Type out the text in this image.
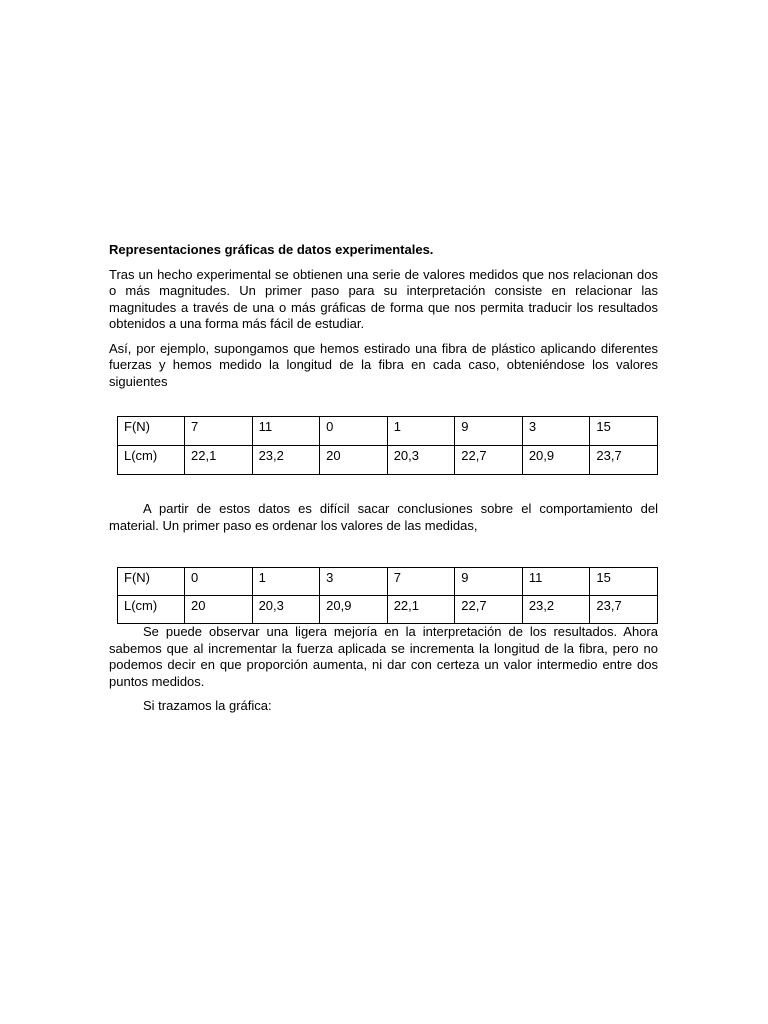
Representaciones gráficas de datos experimentales.

Tras un hecho experimental se obtienen una serie de valores medidos que nos relacionan dos o más magnitudes. Un primer paso para su interpretación consiste en relacionar las magnitudes a través de una o más gráficas de forma que nos permita traducir los resultados obtenidos a una forma más fácil de estudiar.

Así, por ejemplo, supongamos que hemos estirado una fibra de plástico aplicando diferentes fuerzas y hemos medido la longitud de la fibra en cada caso, obteniéndose los valores siguientes

F(N)	7	11	0	1	9	3	15
L(cm)	22,1	23,2	20	20,3	22,7	20,9	23,7

A partir de estos datos es difícil sacar conclusiones sobre el comportamiento del material. Un primer paso es ordenar los valores de las medidas,

F(N)	0	1	3	7	9	11	15
L(cm)	20	20,3	20,9	22,1	22,7	23,2	23,7

Se puede observar una ligera mejoría en la interpretación de los resultados. Ahora sabemos que al incrementar la fuerza aplicada se incrementa la longitud de la fibra, pero no podemos decir en que proporción aumenta, ni dar con certeza un valor intermedio entre dos puntos medidos.

Si trazamos la gráfica:
